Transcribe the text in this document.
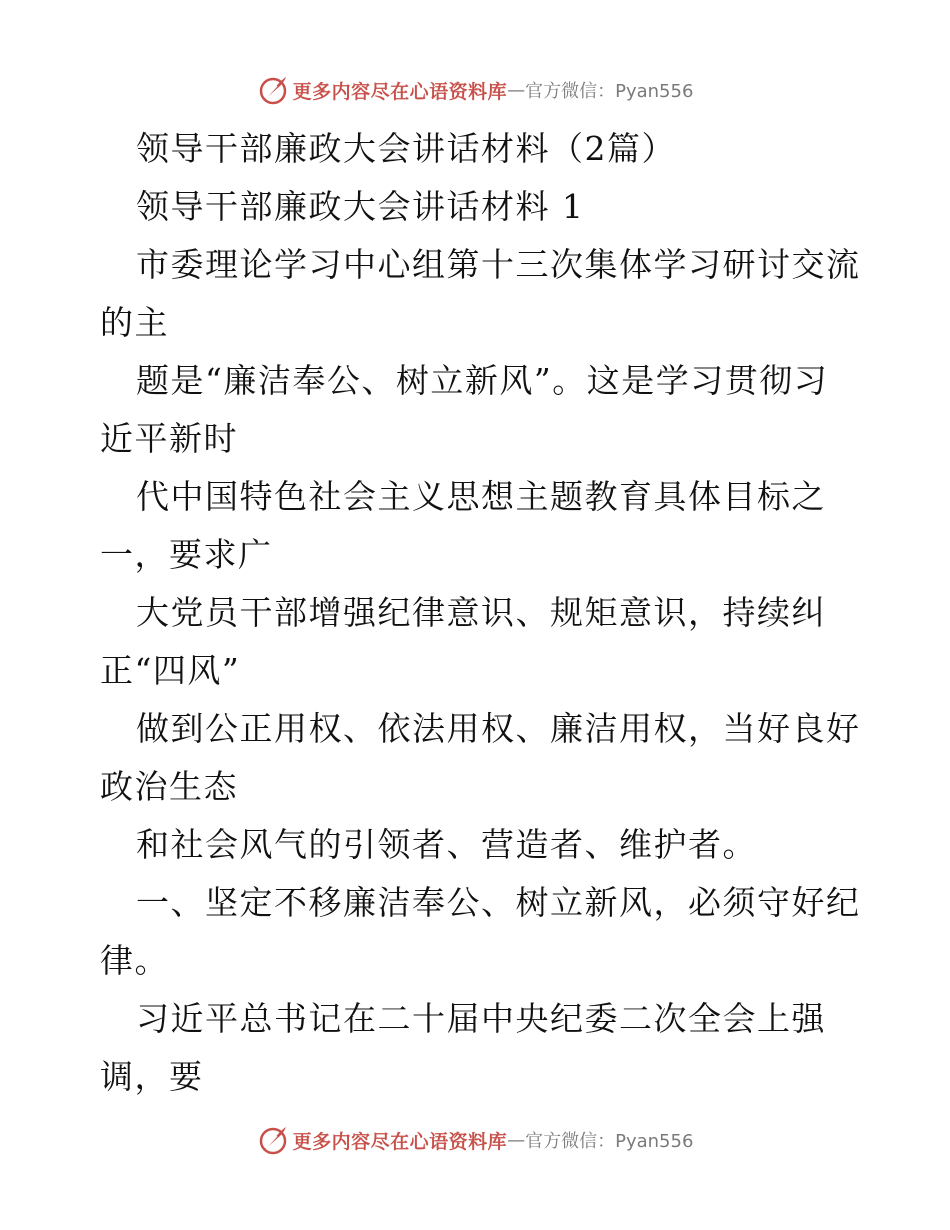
更多内容尽在心语资料库 — 官方微信：Pyan556
领导干部廉政大会讲话材料（2篇）
领导干部廉政大会讲话材料 1
市委理论学习中心组第十三次集体学习研讨交流
的主
题是“廉洁奉公、树立新风”。这是学习贯彻习
近平新时
代中国特色社会主义思想主题教育具体目标之
一，要求广
大党员干部增强纪律意识、规矩意识，持续纠
正“四风”
做到公正用权、依法用权、廉洁用权，当好良好
政治生态
和社会风气的引领者、营造者、维护者。
一、坚定不移廉洁奉公、树立新风，必须守好纪
律。
习近平总书记在二十届中央纪委二次全会上强
调，要
更多内容尽在心语资料库 — 官方微信：Pyan556
